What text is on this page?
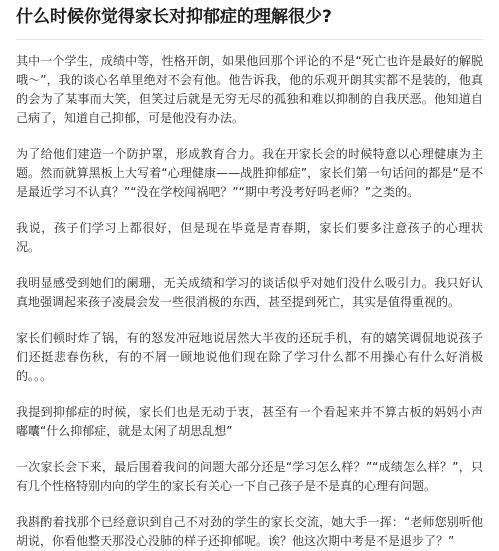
什么时候你觉得家长对抑郁症的理解很少?

其中一个学生，成绩中等，性格开朗，如果他回那个评论的不是“死亡也许是最好的解脱哦～”，我的谈心名单里绝对不会有他。他告诉我，他的乐观开朗其实都不是装的，他真的会为了某事而大笑，但笑过后就是无穷无尽的孤独和难以抑制的自我厌恶。他知道自己病了，知道自己抑郁，可是他没有办法。

为了给他们建造一个防护罩，形成教育合力。我在开家长会的时候特意以心理健康为主题。然而就算黑板上大写着“心理健康——战胜抑郁症”，家长们第一句话问的都是“是不是最近学习不认真？”“没在学校闯祸吧？”“期中考没考好吗老师？”之类的。

我说，孩子们学习上都很好，但是现在毕竟是青春期，家长们要多注意孩子的心理状况。

我明显感受到她们的阑珊，无关成绩和学习的谈话似乎对她们没什么吸引力。我只好认真地强调起来孩子凌晨会发一些很消极的东西，甚至提到死亡，其实是值得重视的。

家长们顿时炸了锅，有的怒发冲冠地说居然大半夜的还玩手机，有的嬉笑调侃地说孩子们还挺悲春伤秋，有的不屑一顾地说他们现在除了学习什么都不用操心有什么好消极的。。。

我提到抑郁症的时候，家长们也是无动于衷，甚至有一个看起来并不算古板的妈妈小声嘟囔“什么抑郁症，就是太闲了胡思乱想”

一次家长会下来，最后围着我问的问题大部分还是“学习怎么样？”“成绩怎么样？”，只有几个性格特别内向的学生的家长有关心一下自己孩子是不是真的心理有问题。

我斟酌着找那个已经意识到自己不对劲的学生的家长交流，她大手一挥：“老师您别听他胡说，你看他整天那没心没肺的样子还抑郁呢。诶？他这次期中考是不是退步了？”
